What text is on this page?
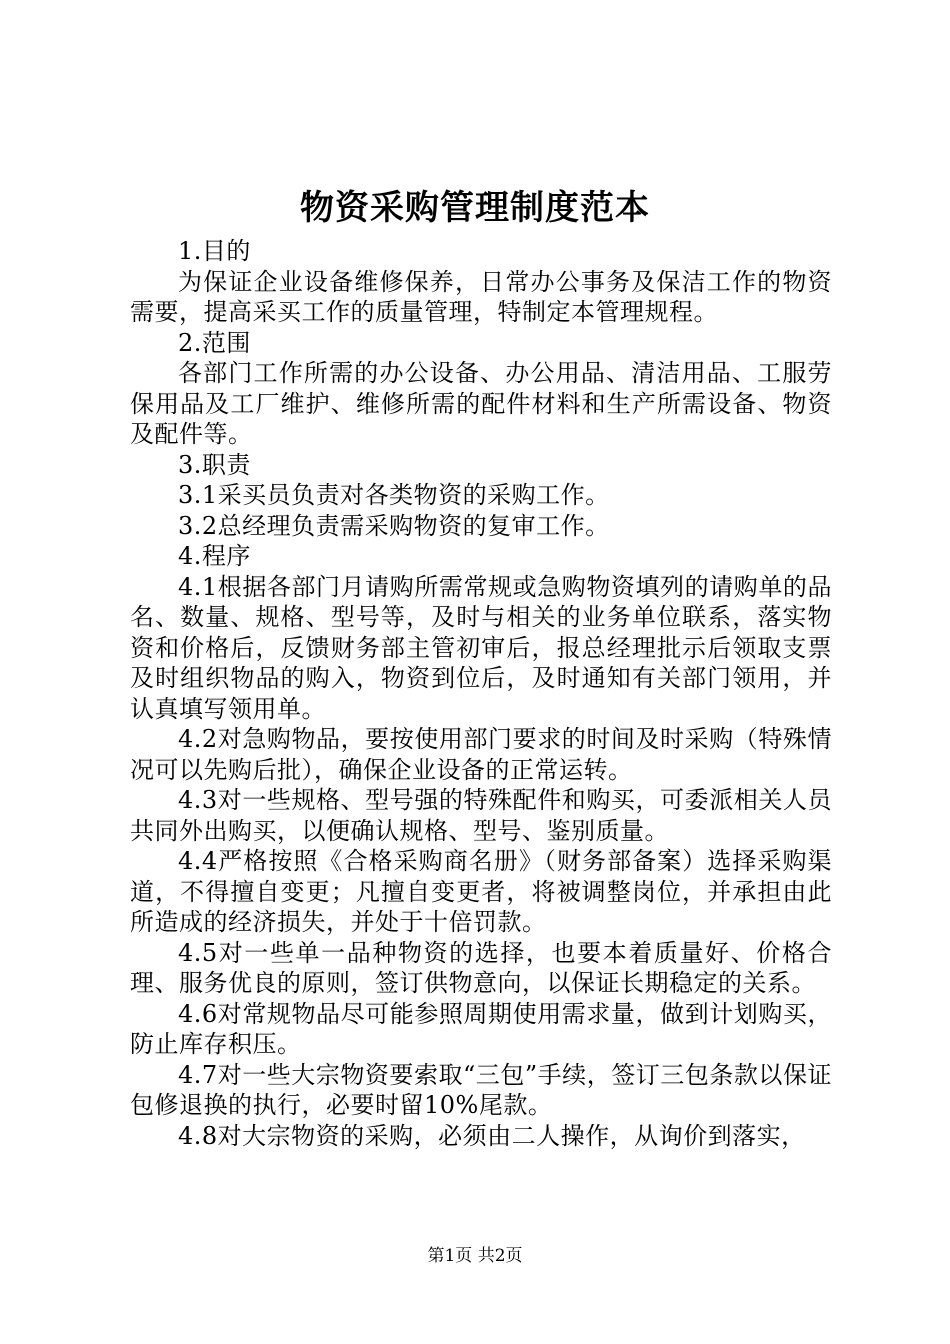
物资采购管理制度范本

1.目的

为保证企业设备维修保养，日常办公事务及保洁工作的物资需要，提高采买工作的质量管理，特制定本管理规程。

2.范围

各部门工作所需的办公设备、办公用品、清洁用品、工服劳保用品及工厂维护、维修所需的配件材料和生产所需设备、物资及配件等。

3.职责

3.1采买员负责对各类物资的采购工作。

3.2总经理负责需采购物资的复审工作。

4.程序

4.1根据各部门月请购所需常规或急购物资填列的请购单的品名、数量、规格、型号等，及时与相关的业务单位联系，落实物资和价格后，反馈财务部主管初审后，报总经理批示后领取支票及时组织物品的购入，物资到位后，及时通知有关部门领用，并认真填写领用单。

4.2对急购物品，要按使用部门要求的时间及时采购（特殊情况可以先购后批），确保企业设备的正常运转。

4.3对一些规格、型号强的特殊配件和购买，可委派相关人员共同外出购买，以便确认规格、型号、鉴别质量。

4.4严格按照《合格采购商名册》（财务部备案）选择采购渠道，不得擅自变更；凡擅自变更者，将被调整岗位，并承担由此所造成的经济损失，并处于十倍罚款。

4.5对一些单一品种物资的选择，也要本着质量好、价格合理、服务优良的原则，签订供物意向，以保证长期稳定的关系。

4.6对常规物品尽可能参照周期使用需求量，做到计划购买，防止库存积压。

4.7对一些大宗物资要索取“三包”手续，签订三包条款以保证包修退换的执行，必要时留10%尾款。

4.8对大宗物资的采购，必须由二人操作，从询价到落实，

第1页 共2页
